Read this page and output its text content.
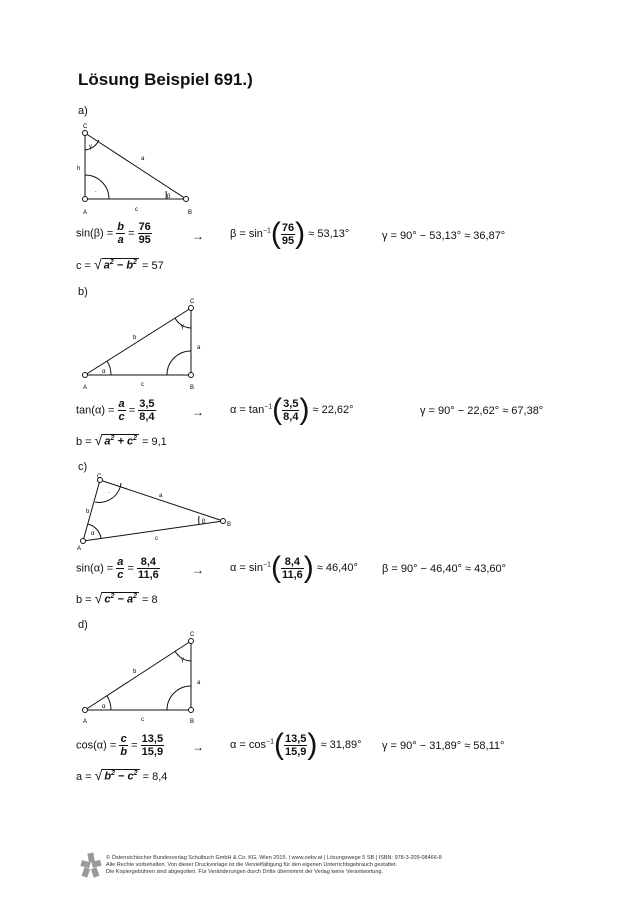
Lösung Beispiel 691.)
a)
C
A	B
a
h
c
γ
β
.
$\sin(\beta) = \frac{b}{a} = \frac{76}{95}$	→ $\beta = \sin^{-1}( \frac{76}{95}$ ) ≈ 53,13°	γ = 90° − 53,13° ≈ 36,87°
c = √ $a^2 - b^2 = 57$
b)
C
A	B
a
b
c
γ
α
$\tan(\alpha) = \frac{a}{c} = \frac{3,5}{8,4}$	→ $\alpha = \tan^{-1}( \frac{3,5}{8,4}$ ) ≈ 22,62°	γ = 90° − 22,62° ≈ 67,38°
b = √ $a^2 + c^2 = 9,1$
c)
C
A
B
a
b
c
α
β
.
$\sin(\alpha) = \frac{a}{c} = \frac{8,4}{11,6}$	→ $\alpha = \sin^{-1}( \frac{8,4}{11,6}$ ) ≈ 46,40° β = 90° − 46,40° ≈ 43,60°
b = √ $c^2 - a^2 = 8$
d)
C
A	B
a
b
c
γ
α
$\cos(\alpha) = \frac{c}{b} = \frac{13,5}{15,9} \to \alpha = \cos^{-1}( \frac{13,5}{15,9}$ ) ≈ 31,89° γ = 90° − 31,89° ≈ 58,11°
a = √ $b^2 - c^2 = 8,4$
© Österreichischer Bundesverlag Schulbuch GmbH & Co. KG, Wien 2015. | www.oebv.at | Lösungswege 5 SB | ISBN: 978-3-209-08466-8
Alle Rechte vorbehalten. Von dieser Druckvorlage ist die Vervielfältigung für den eigenen Unterrichtsgebrauch gestattet.
Die Kopiergebühren sind abgegolten. Für Veränderungen durch Dritte übernimmt der Verlag keine Verantwortung.
